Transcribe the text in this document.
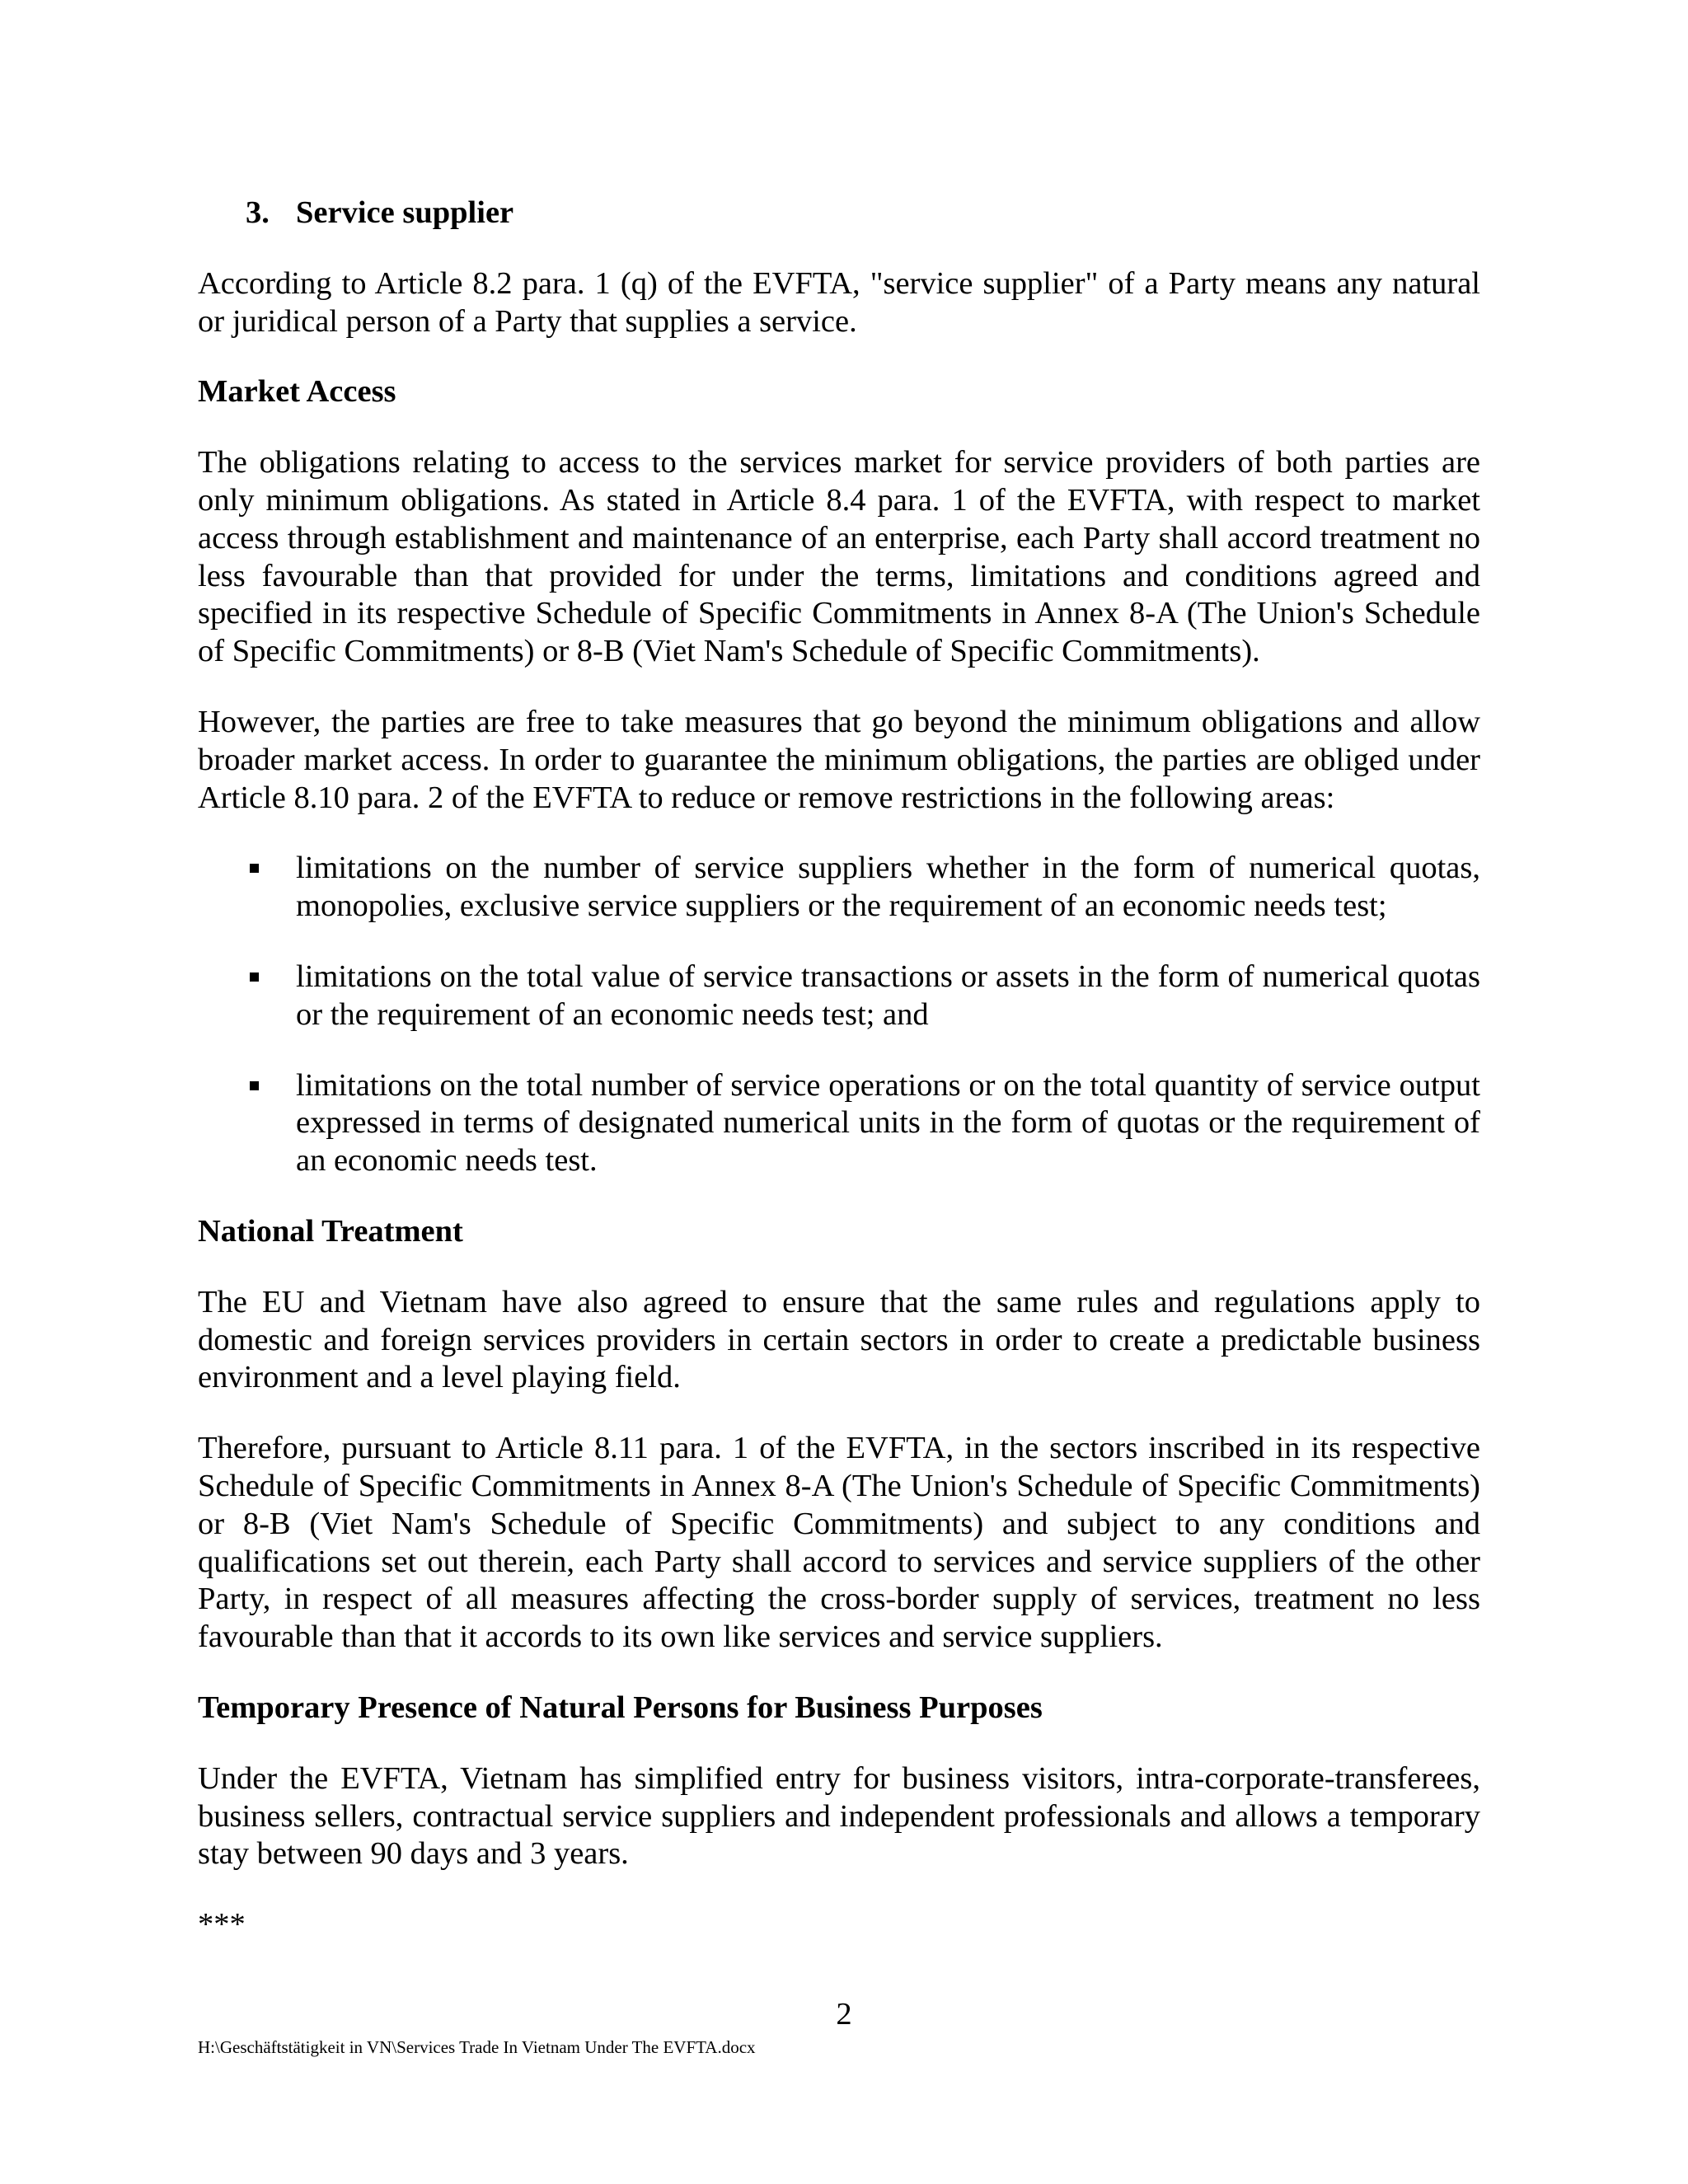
3. Service supplier

According to Article 8.2 para. 1 (q) of the EVFTA, "service supplier" of a Party means any natural or juridical person of a Party that supplies a service.

Market Access

The obligations relating to access to the services market for service providers of both parties are only minimum obligations. As stated in Article 8.4 para. 1 of the EVFTA, with respect to market access through establishment and maintenance of an enterprise, each Party shall accord treatment no less favourable than that provided for under the terms, limitations and conditions agreed and specified in its respective Schedule of Specific Commitments in Annex 8-A (The Union's Schedule of Specific Commitments) or 8-B (Viet Nam's Schedule of Specific Commitments).

However, the parties are free to take measures that go beyond the minimum obligations and allow broader market access. In order to guarantee the minimum obligations, the parties are obliged under Article 8.10 para. 2 of the EVFTA to reduce or remove restrictions in the following areas:

limitations on the number of service suppliers whether in the form of numerical quotas, monopolies, exclusive service suppliers or the requirement of an economic needs test;
limitations on the total value of service transactions or assets in the form of numerical quotas or the requirement of an economic needs test; and
limitations on the total number of service operations or on the total quantity of service output expressed in terms of designated numerical units in the form of quotas or the requirement of an economic needs test.
National Treatment

The EU and Vietnam have also agreed to ensure that the same rules and regulations apply to domestic and foreign services providers in certain sectors in order to create a predictable business environment and a level playing field.

Therefore, pursuant to Article 8.11 para. 1 of the EVFTA, in the sectors inscribed in its respective Schedule of Specific Commitments in Annex 8-A (The Union's Schedule of Specific Commitments) or 8-B (Viet Nam's Schedule of Specific Commitments) and subject to any conditions and qualifications set out therein, each Party shall accord to services and service suppliers of the other Party, in respect of all measures affecting the cross-border supply of services, treatment no less favourable than that it accords to its own like services and service suppliers.

Temporary Presence of Natural Persons for Business Purposes

Under the EVFTA, Vietnam has simplified entry for business visitors, intra-corporate-transferees, business sellers, contractual service suppliers and independent professionals and allows a temporary stay between 90 days and 3 years.

***
2
H:\Geschäftstätigkeit in VN\Services Trade In Vietnam Under The EVFTA.docx
